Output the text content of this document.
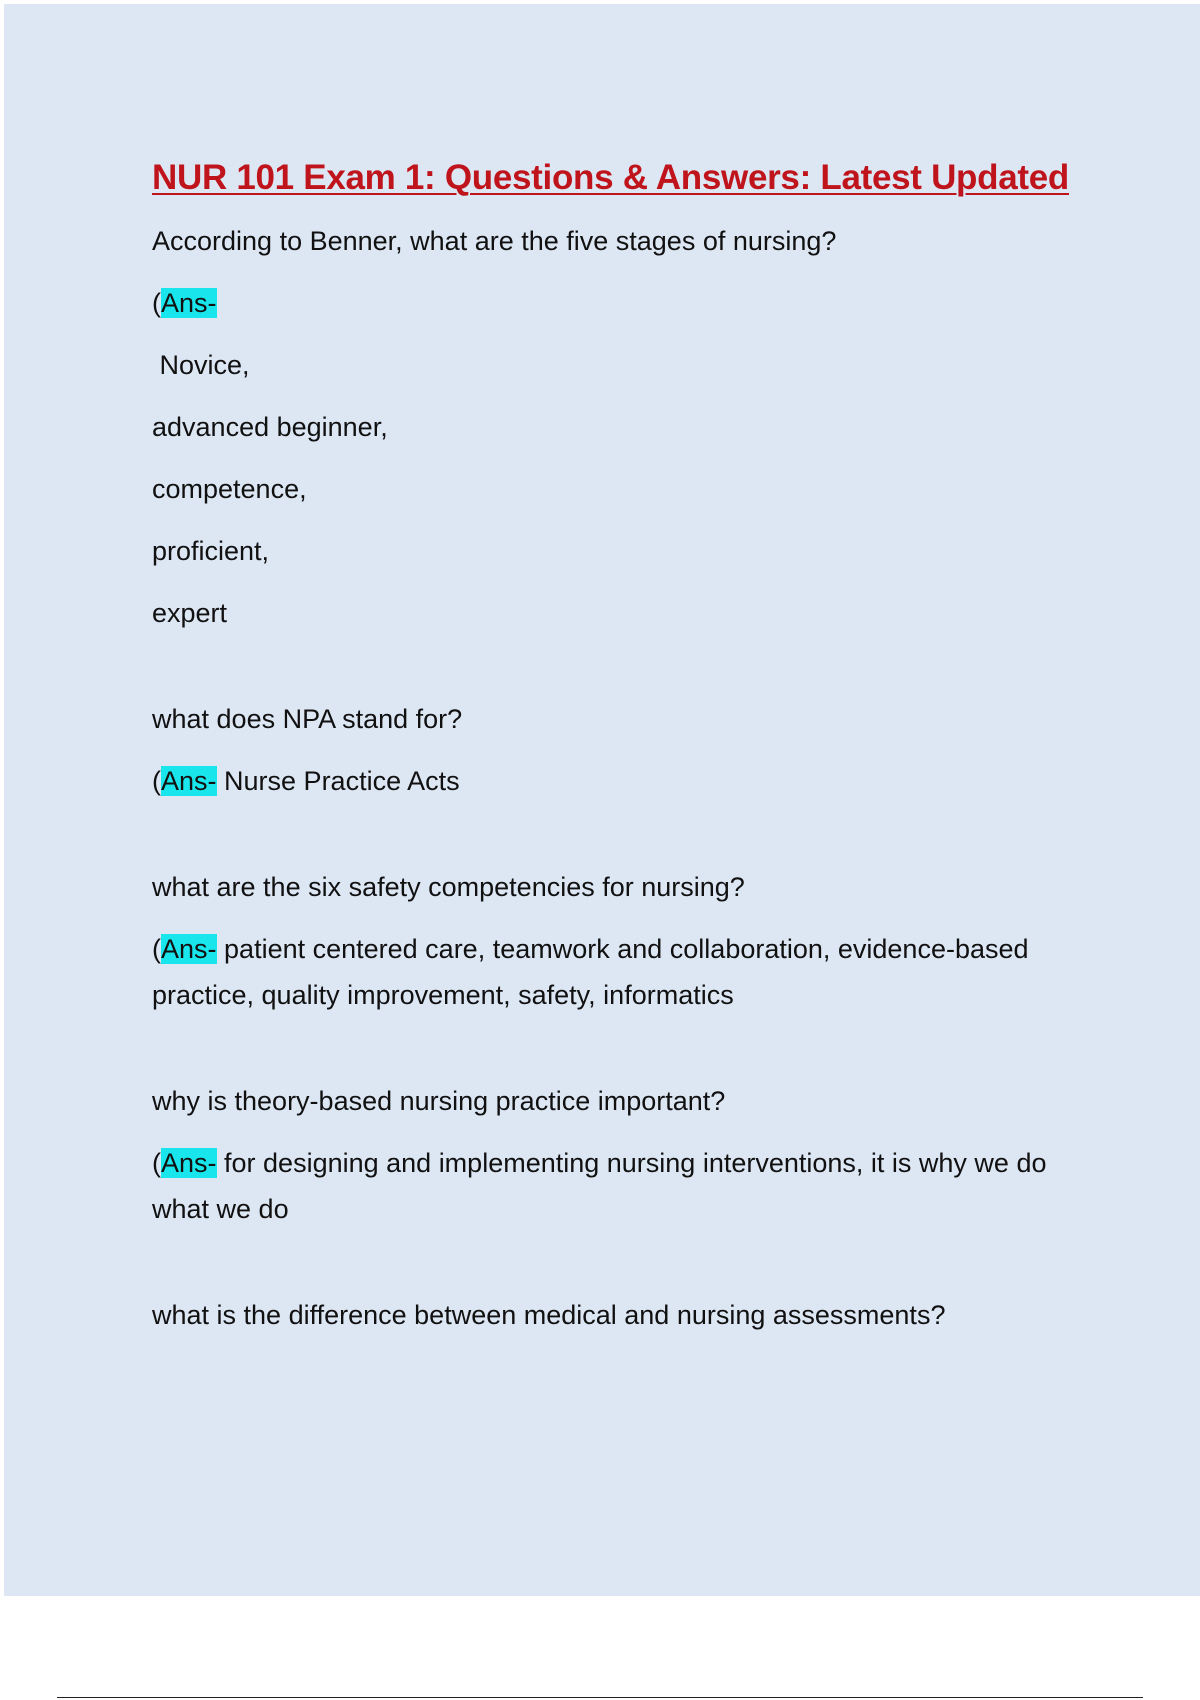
NUR 101 Exam 1: Questions & Answers: Latest Updated

According to Benner, what are the five stages of nursing?

(Ans-

Novice,

advanced beginner,

competence,

proficient,

expert

what does NPA stand for?

(Ans- Nurse Practice Acts

what are the six safety competencies for nursing?

(Ans- patient centered care, teamwork and collaboration, evidence-based practice, quality improvement, safety, informatics

why is theory-based nursing practice important?

(Ans- for designing and implementing nursing interventions, it is why we do what we do

what is the difference between medical and nursing assessments?
